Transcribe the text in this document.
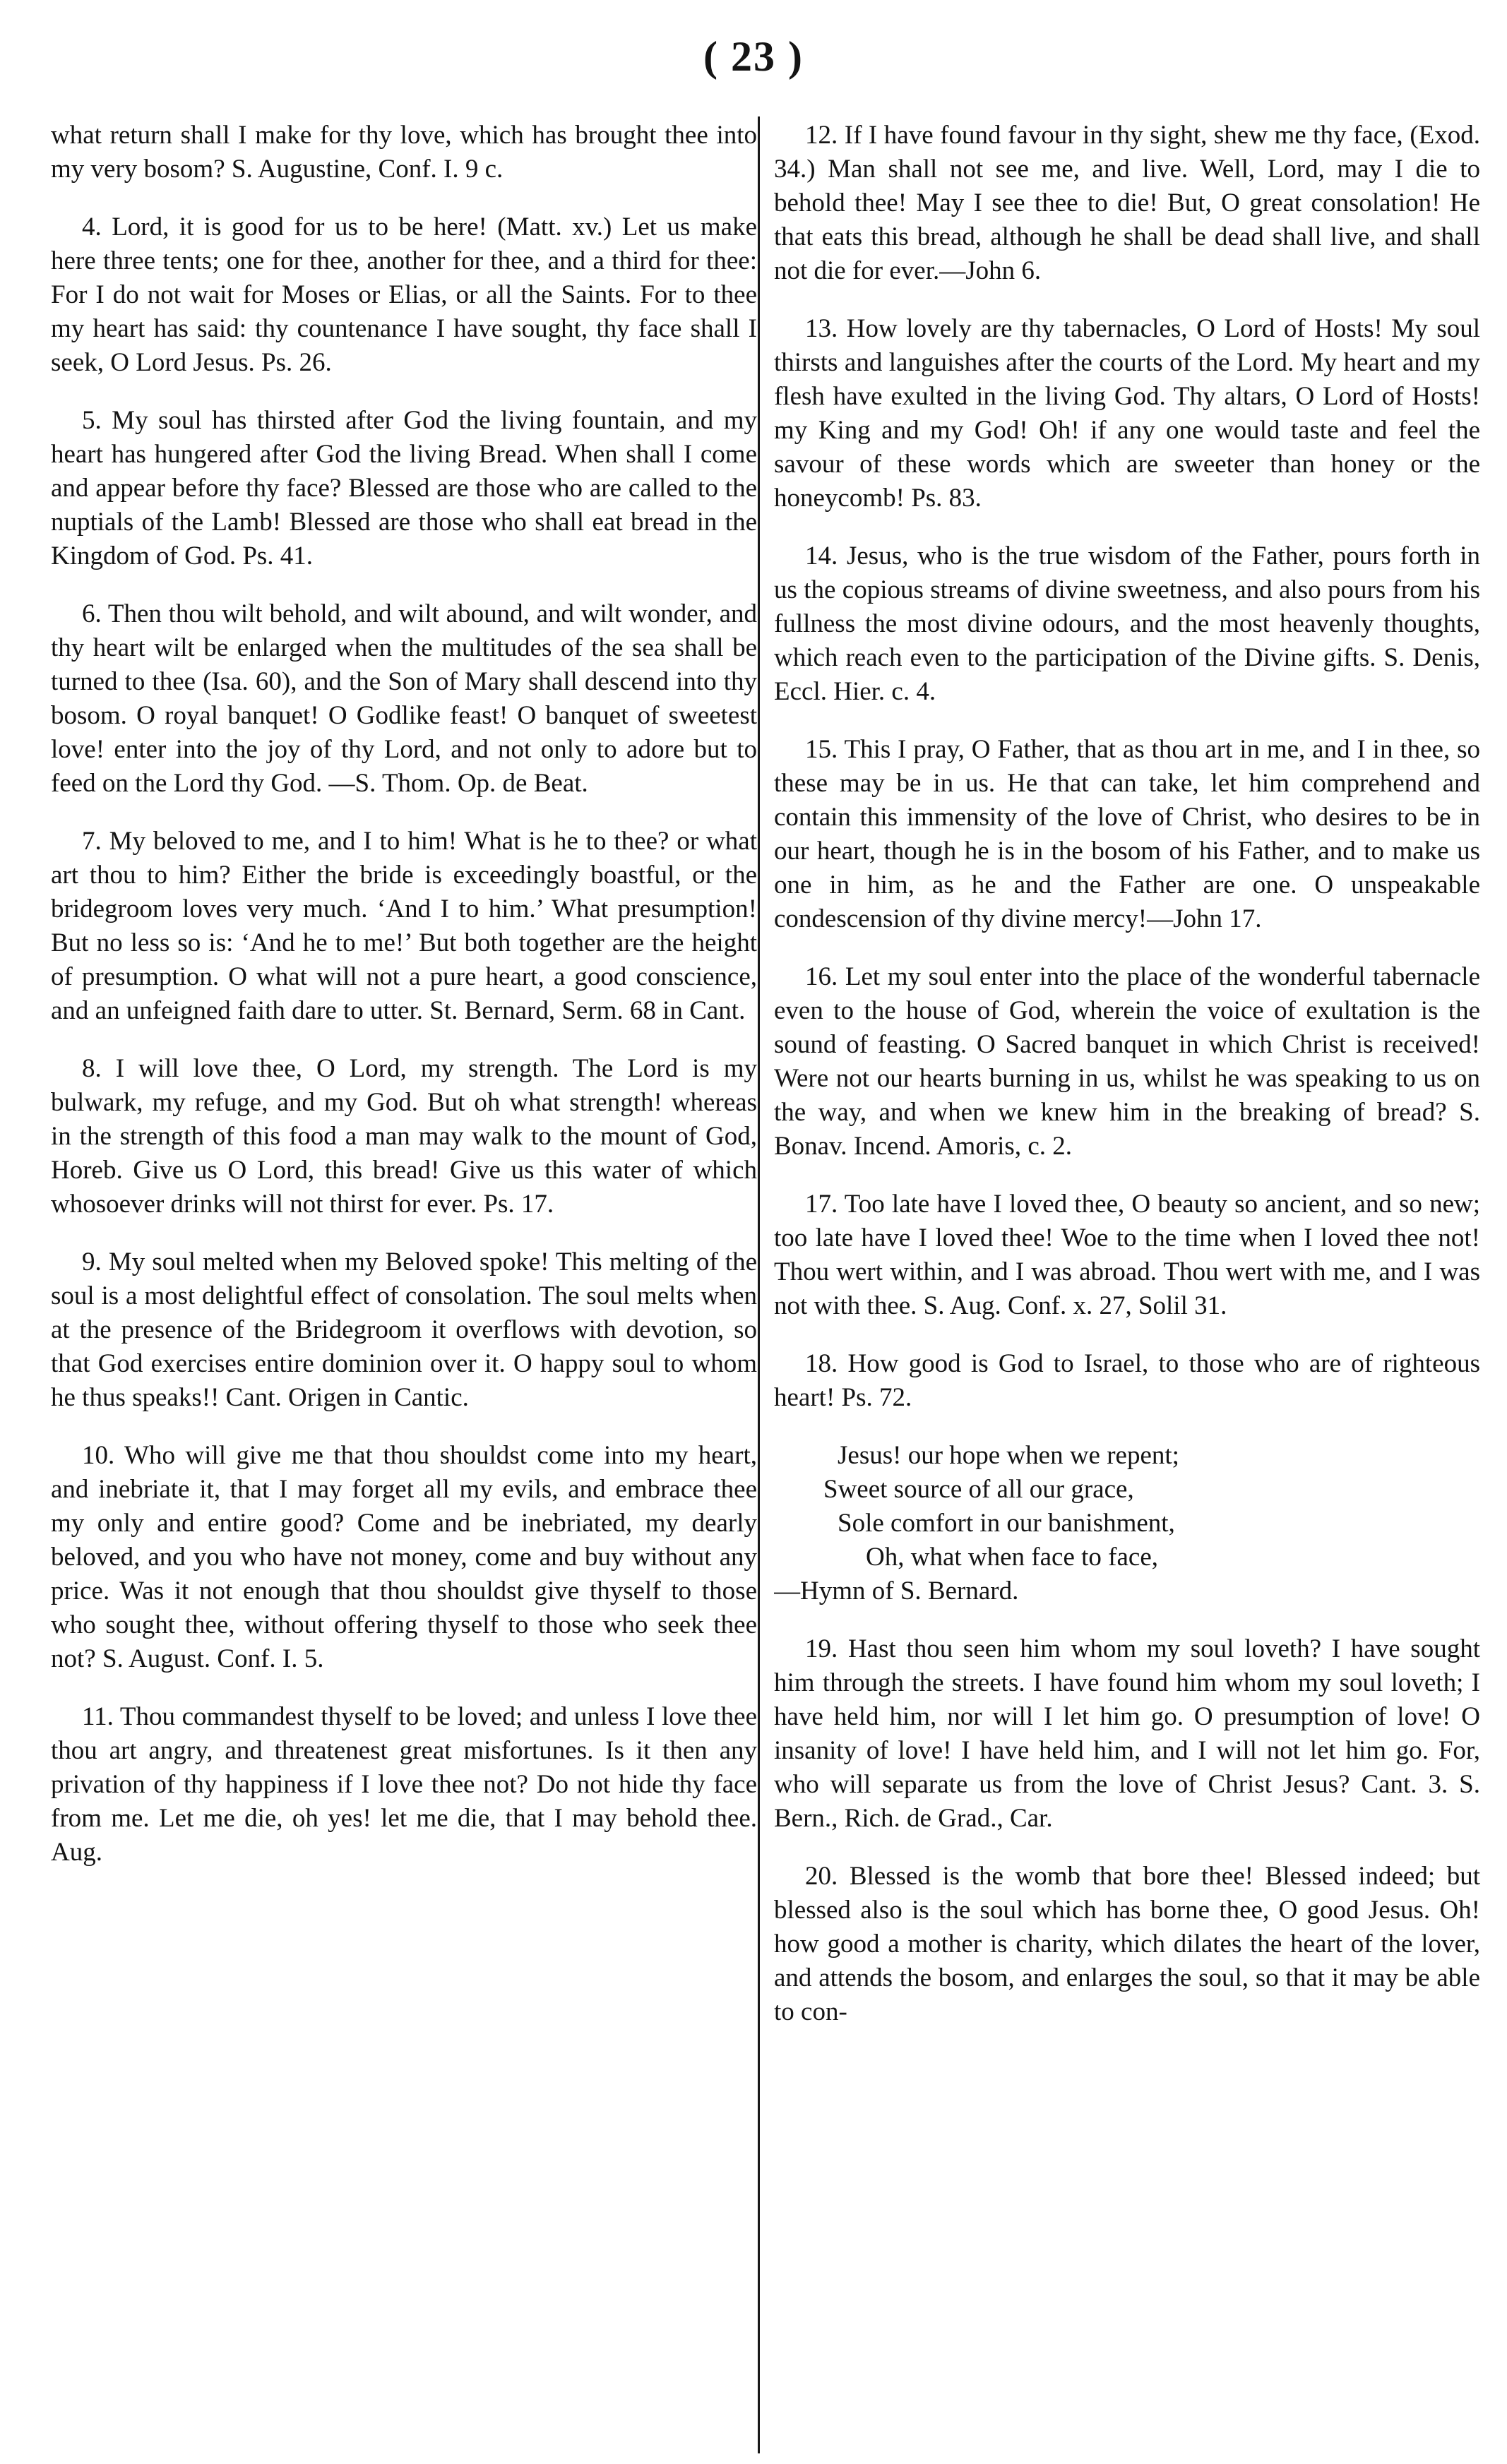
( 23 )

what return shall I make for thy love, which has brought thee into my very bosom? S. Augustine, Conf. I. 9 c.

4. Lord, it is good for us to be here! (Matt. xv.) Let us make here three tents; one for thee, another for thee, and a third for thee: For I do not wait for Moses or Elias, or all the Saints. For to thee my heart has said: thy countenance I have sought, thy face shall I seek, O Lord Jesus. Ps. 26.

5. My soul has thirsted after God the living fountain, and my heart has hungered after God the living Bread. When shall I come and appear before thy face? Blessed are those who are called to the nuptials of the Lamb! Blessed are those who shall eat bread in the Kingdom of God. Ps. 41.

6. Then thou wilt behold, and wilt abound, and wilt wonder, and thy heart wilt be enlarged when the multitudes of the sea shall be turned to thee (Isa. 60), and the Son of Mary shall descend into thy bosom. O royal banquet! O Godlike feast! O banquet of sweetest love! enter into the joy of thy Lord, and not only to adore but to feed on the Lord thy God. —S. Thom. Op. de Beat.

7. My beloved to me, and I to him! What is he to thee? or what art thou to him? Either the bride is exceedingly boastful, or the bridegroom loves very much. ‘And I to him.’ What presumption! But no less so is: ‘And he to me!’ But both together are the height of presumption. O what will not a pure heart, a good conscience, and an unfeigned faith dare to utter. St. Bernard, Serm. 68 in Cant.

8. I will love thee, O Lord, my strength. The Lord is my bulwark, my refuge, and my God. But oh what strength! whereas in the strength of this food a man may walk to the mount of God, Horeb. Give us O Lord, this bread! Give us this water of which whosoever drinks will not thirst for ever. Ps. 17.

9. My soul melted when my Beloved spoke! This melting of the soul is a most delightful effect of consolation. The soul melts when at the presence of the Bridegroom it overflows with devotion, so that God exercises entire dominion over it. O happy soul to whom he thus speaks!! Cant. Origen in Cantic.

10. Who will give me that thou shouldst come into my heart, and inebriate it, that I may forget all my evils, and embrace thee my only and entire good? Come and be inebriated, my dearly beloved, and you who have not money, come and buy without any price. Was it not enough that thou shouldst give thyself to those who sought thee, without offering thyself to those who seek thee not? S. August. Conf. I. 5.

11. Thou commandest thyself to be loved; and unless I love thee thou art angry, and threatenest great misfortunes. Is it then any privation of thy happiness if I love thee not? Do not hide thy face from me. Let me die, oh yes! let me die, that I may behold thee. Aug.

12. If I have found favour in thy sight, shew me thy face, (Exod. 34.) Man shall not see me, and live. Well, Lord, may I die to behold thee! May I see thee to die! But, O great consolation! He that eats this bread, although he shall be dead shall live, and shall not die for ever.—John 6.

13. How lovely are thy tabernacles, O Lord of Hosts! My soul thirsts and languishes after the courts of the Lord. My heart and my flesh have exulted in the living God. Thy altars, O Lord of Hosts! my King and my God! Oh! if any one would taste and feel the savour of these words which are sweeter than honey or the honeycomb! Ps. 83.

14. Jesus, who is the true wisdom of the Father, pours forth in us the copious streams of divine sweetness, and also pours from his fullness the most divine odours, and the most heavenly thoughts, which reach even to the participation of the Divine gifts. S. Denis, Eccl. Hier. c. 4.

15. This I pray, O Father, that as thou art in me, and I in thee, so these may be in us. He that can take, let him comprehend and contain this immensity of the love of Christ, who desires to be in our heart, though he is in the bosom of his Father, and to make us one in him, as he and the Father are one. O unspeakable condescension of thy divine mercy!—John 17.

16. Let my soul enter into the place of the wonderful tabernacle even to the house of God, wherein the voice of exultation is the sound of feasting. O Sacred banquet in which Christ is received! Were not our hearts burning in us, whilst he was speaking to us on the way, and when we knew him in the breaking of bread? S. Bonav. Incend. Amoris, c. 2.

17. Too late have I loved thee, O beauty so ancient, and so new; too late have I loved thee! Woe to the time when I loved thee not! Thou wert within, and I was abroad. Thou wert with me, and I was not with thee. S. Aug. Conf. x. 27, Solil 31.

18. How good is God to Israel, to those who are of righteous heart! Ps. 72.

Jesus! our hope when we repent;
Sweet source of all our grace,
Sole comfort in our banishment,
Oh, what when face to face,
—Hymn of S. Bernard.

19. Hast thou seen him whom my soul loveth? I have sought him through the streets. I have found him whom my soul loveth; I have held him, nor will I let him go. O presumption of love! O insanity of love! I have held him, and I will not let him go. For, who will separate us from the love of Christ Jesus? Cant. 3. S. Bern., Rich. de Grad., Car.

20. Blessed is the womb that bore thee! Blessed indeed; but blessed also is the soul which has borne thee, O good Jesus. Oh! how good a mother is charity, which dilates the heart of the lover, and attends the bosom, and enlarges the soul, so that it may be able to con-
